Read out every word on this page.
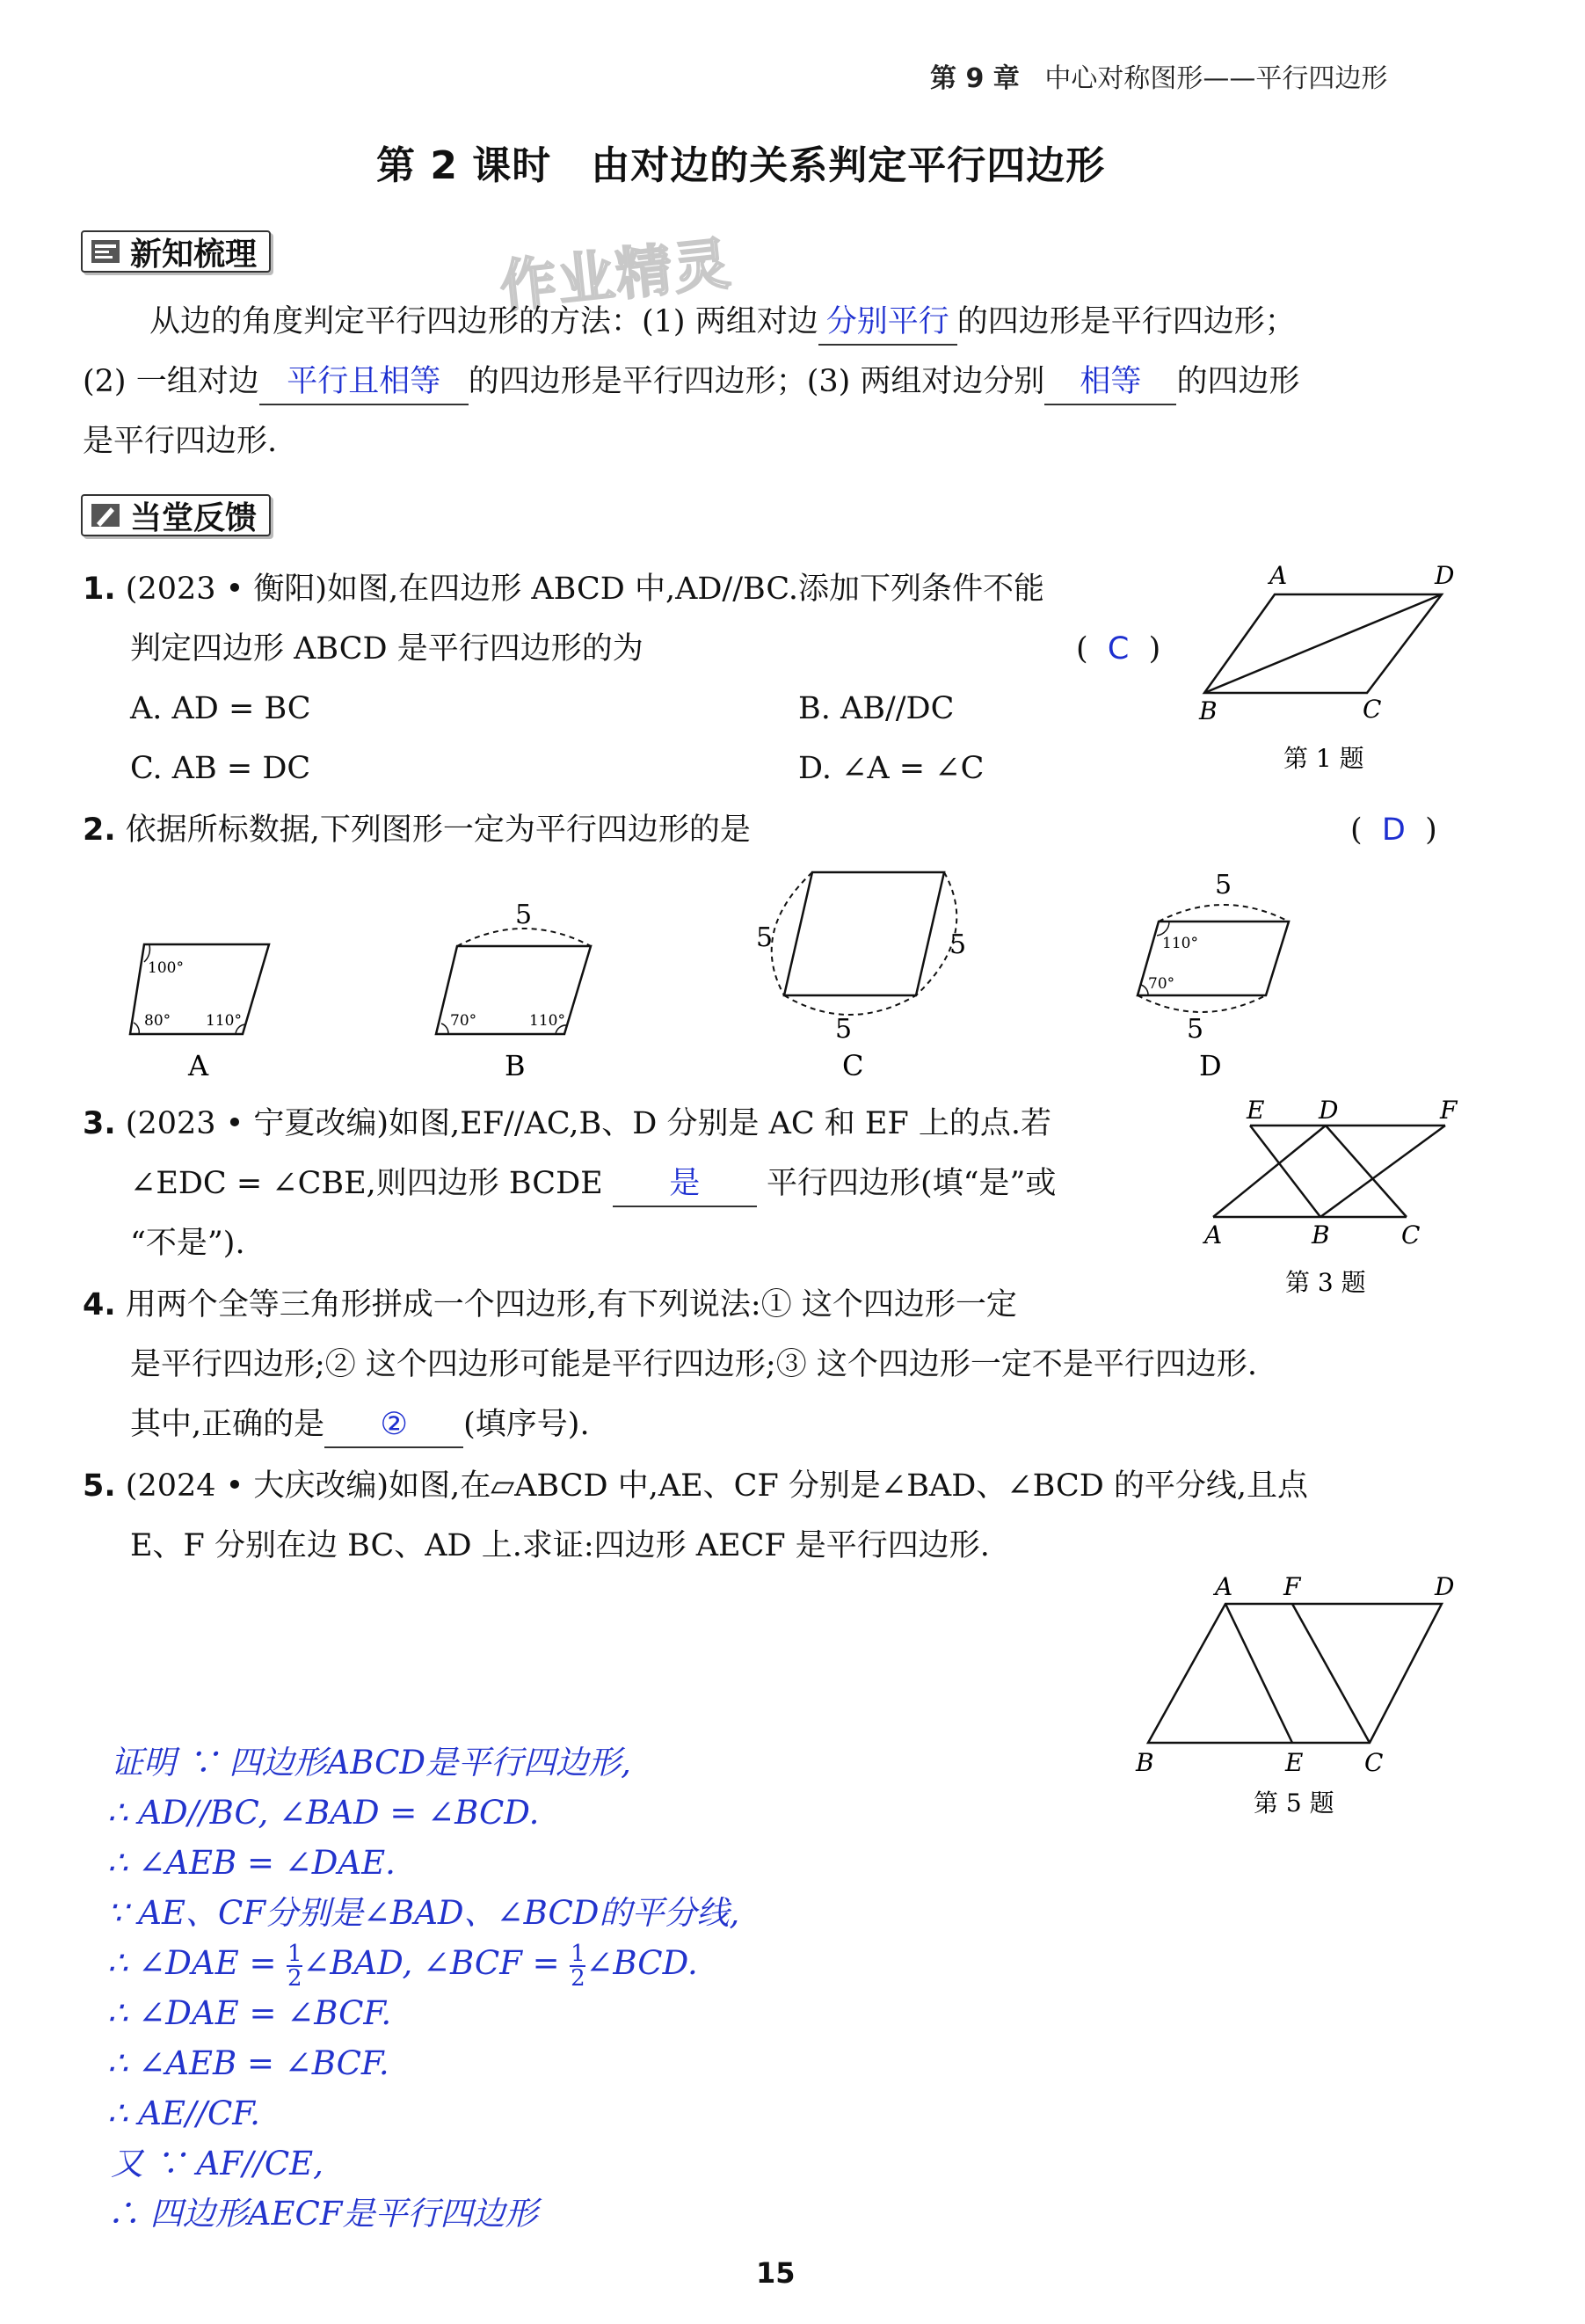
第 9 章 中心对称图形——平行四边形
第 2 课时　由对边的关系判定平行四边形
作业精灵
新知梳理
从边的角度判定平行四边形的方法：(1) 两组对边 分别平行 的四边形是平行四边形；
(2) 一组对边 平行且相等 的四边形是平行四边形；(3) 两组对边分别 相等 的四边形
是平行四边形.
当堂反馈
1. (2023 • 衡阳)如图,在四边形 ABCD 中,AD//BC.添加下列条件不能
判定四边形 ABCD 是平行四边形的为	( C )
A. AD = BC	B. AB//DC
C. AB = DC	D. ∠A = ∠C
A	D
B	C
第 1 题
2. 依据所标数据,下列图形一定为平行四边形的是	( D )
100°
80° 110°
A
5
70°	110°
B
5	5
5
C
110°
70°
5
5
D
3. (2023 • 宁夏改编)如图,EF//AC,B、D 分别是 AC 和 EF 上的点.若
∠EDC = ∠CBE,则四边形 BCDE 是 平行四边形(填“是”或
“不是”).
E D	F
A	B	C
第 3 题
4. 用两个全等三角形拼成一个四边形,有下列说法:① 这个四边形一定
是平行四边形;② 这个四边形可能是平行四边形;③ 这个四边形一定不是平行四边形.
其中,正确的是 ② (填序号).
5. (2024 • 大庆改编)如图,在▱ABCD 中,AE、CF 分别是∠BAD、∠BCD 的平分线,且点
E、F 分别在边 BC、AD 上.求证:四边形 AECF 是平行四边形.
A F	D
B	E C
第 5 题
证明 ∵ 四边形ABCD是平行四边形,
∴ AD//BC, ∠BAD = ∠BCD.
∴ ∠AEB = ∠DAE.
∵ AE、CF分别是∠BAD、∠BCD的平分线,
∴ ∠DAE = $\frac{1}{2}$ ∠BAD, ∠BCF = $\frac{1}{2}$ ∠BCD.
∴ ∠DAE = ∠BCF.
∴ ∠AEB = ∠BCF.
∴ AE//CF.
又 ∵ AF//CE,
∴ 四边形AECF是平行四边形
15
